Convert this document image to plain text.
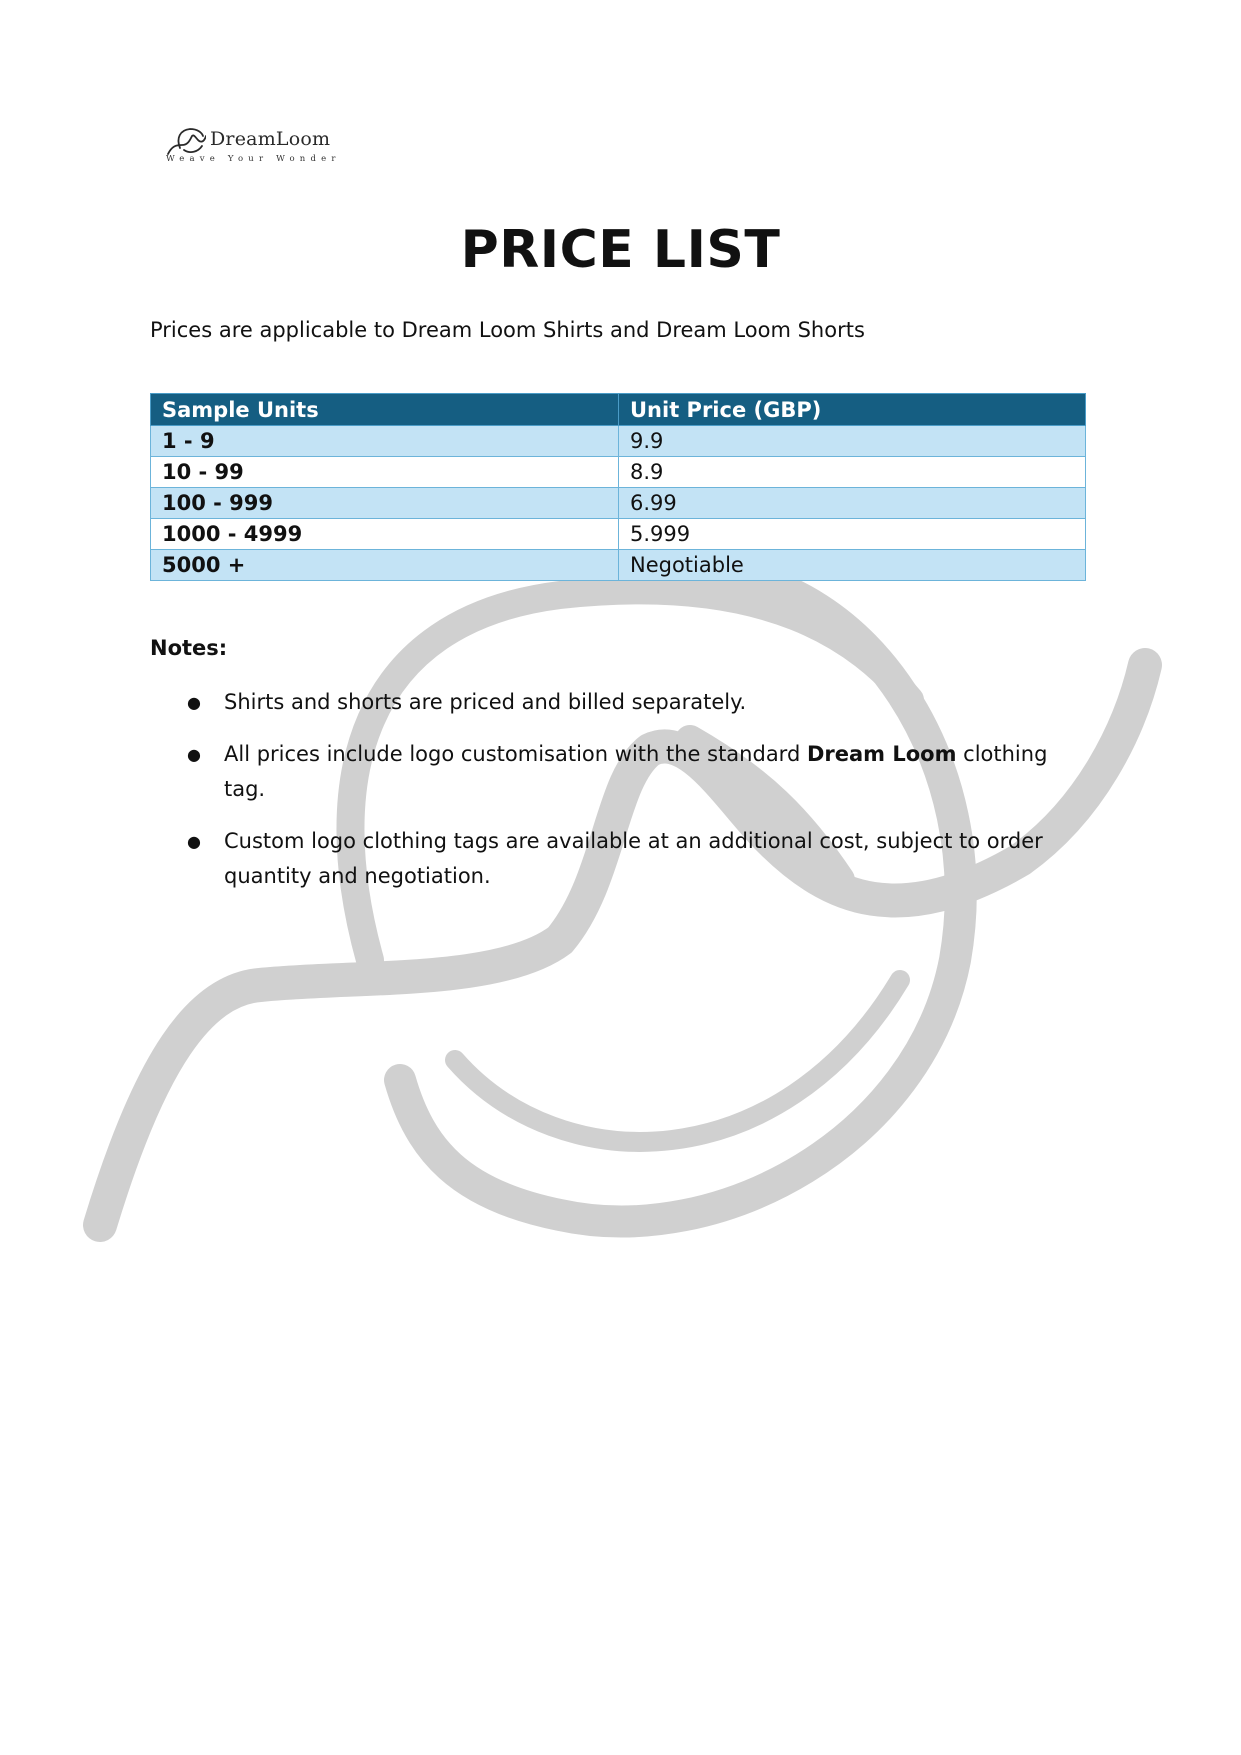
DreamLoom
Weave Your Wonder
PRICE LIST

Prices are applicable to Dream Loom Shirts and Dream Loom Shorts

Sample Units	Unit Price (GBP)
1 - 9	9.9
10 - 99	8.9
100 - 999	6.99
1000 - 4999	5.999
5000 +	Negotiable

Notes:

● Shirts and shorts are priced and billed separately.
● All prices include logo customisation with the standard Dream Loom clothing tag.
● Custom logo clothing tags are available at an additional cost, subject to order quantity and negotiation.
